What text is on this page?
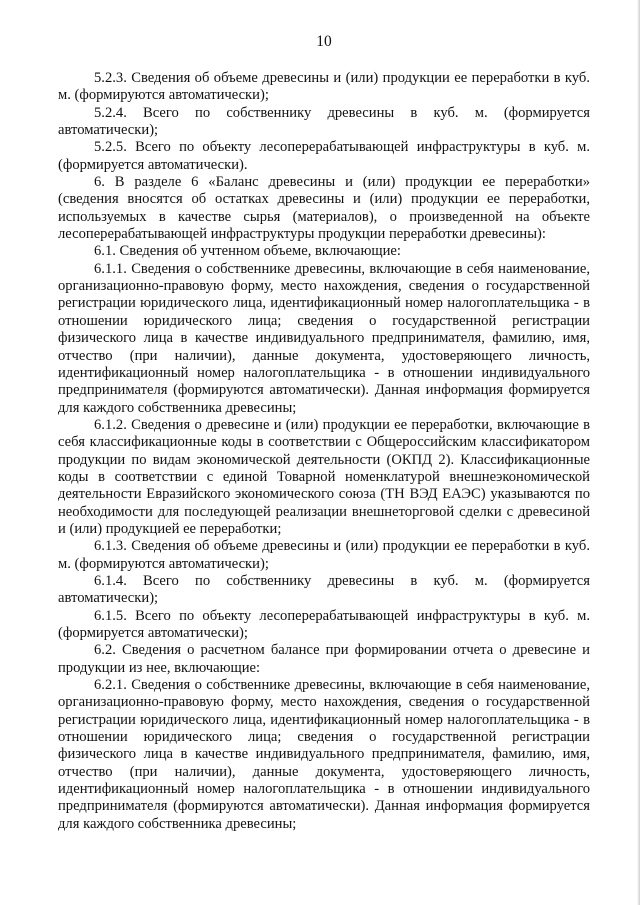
10

5.2.3. Сведения об объеме древесины и (или) продукции ее переработки в куб. м. (формируются автоматически);

5.2.4. Всего по собственнику древесины в куб. м. (формируется автоматически);

5.2.5. Всего по объекту лесоперерабатывающей инфраструктуры в куб. м. (формируется автоматически).

6. В разделе 6 «Баланс древесины и (или) продукции ее переработки» (сведения вносятся об остатках древесины и (или) продукции ее переработки, используемых в качестве сырья (материалов), о произведенной на объекте лесоперерабатывающей инфраструктуры продукции переработки древесины):

6.1. Сведения об учтенном объеме, включающие:

6.1.1. Сведения о собственнике древесины, включающие в себя наименование, организационно-правовую форму, место нахождения, сведения о государственной регистрации юридического лица, идентификационный номер налогоплательщика - в отношении юридического лица; сведения о государственной регистрации физического лица в качестве индивидуального предпринимателя, фамилию, имя, отчество (при наличии), данные документа, удостоверяющего личность, идентификационный номер налогоплательщика - в отношении индивидуального предпринимателя (формируются автоматически). Данная информация формируется для каждого собственника древесины;

6.1.2. Сведения о древесине и (или) продукции ее переработки, включающие в себя классификационные коды в соответствии с Общероссийским классификатором продукции по видам экономической деятельности (ОКПД 2). Классификационные коды в соответствии с единой Товарной номенклатурой внешнеэкономической деятельности Евразийского экономического союза (ТН ВЭД ЕАЭС) указываются по необходимости для последующей реализации внешнеторговой сделки с древесиной и (или) продукцией ее переработки;

6.1.3. Сведения об объеме древесины и (или) продукции ее переработки в куб. м. (формируются автоматически);

6.1.4. Всего по собственнику древесины в куб. м. (формируется автоматически);

6.1.5. Всего по объекту лесоперерабатывающей инфраструктуры в куб. м. (формируется автоматически);

6.2. Сведения о расчетном балансе при формировании отчета о древесине и продукции из нее, включающие:

6.2.1. Сведения о собственнике древесины, включающие в себя наименование, организационно-правовую форму, место нахождения, сведения о государственной регистрации юридического лица, идентификационный номер налогоплательщика - в отношении юридического лица; сведения о государственной регистрации физического лица в качестве индивидуального предпринимателя, фамилию, имя, отчество (при наличии), данные документа, удостоверяющего личность, идентификационный номер налогоплательщика - в отношении индивидуального предпринимателя (формируются автоматически). Данная информация формируется для каждого собственника древесины;
